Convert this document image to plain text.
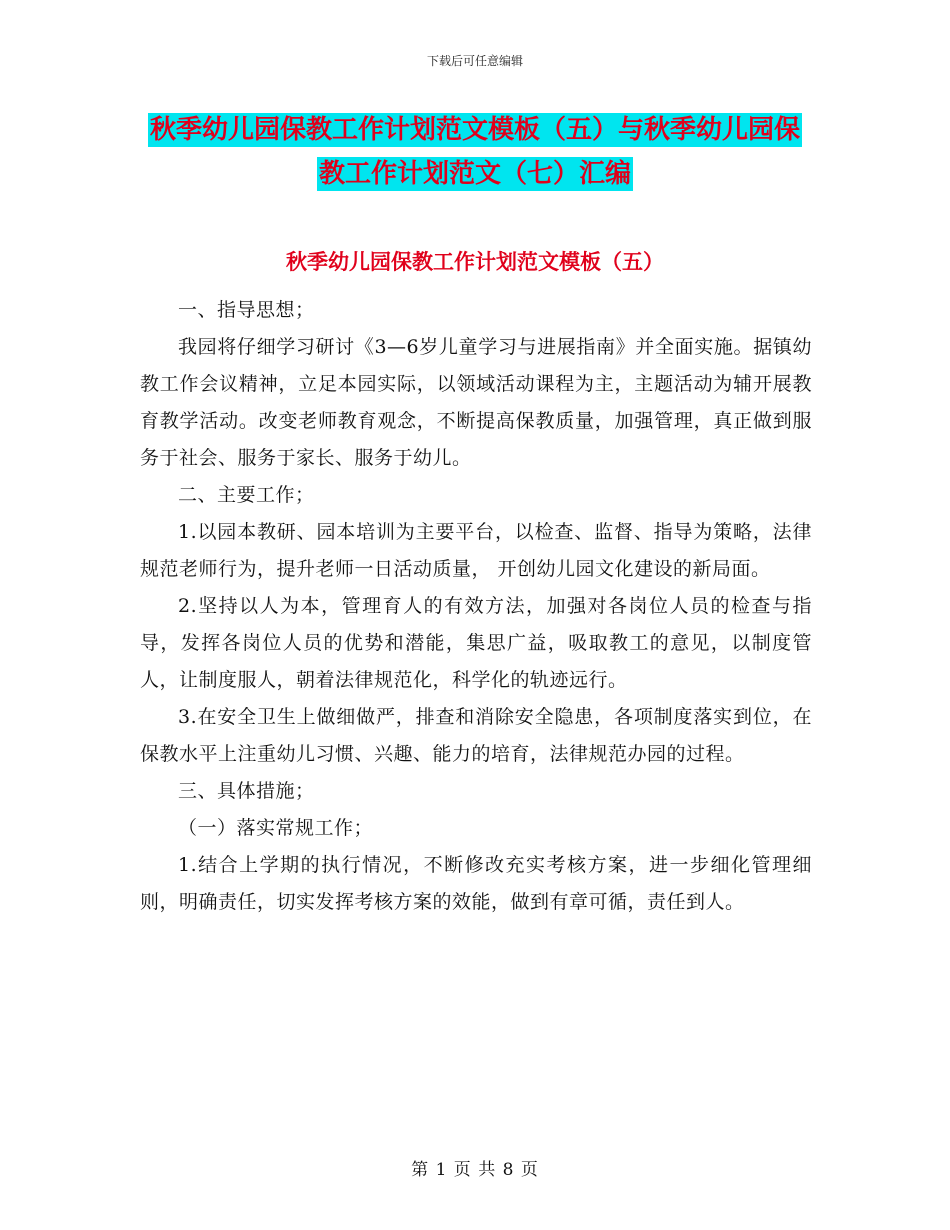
下载后可任意编辑
秋季幼儿园保教工作计划范文模板（五）与秋季幼儿园保教工作计划范文（七）汇编
秋季幼儿园保教工作计划范文模板（五）

一、指导思想；

我园将仔细学习研讨《3—6岁儿童学习与进展指南》并全面实施。据镇幼教工作会议精神，立足本园实际，以领域活动课程为主，主题活动为辅开展教育教学活动。改变老师教育观念，不断提高保教质量，加强管理，真正做到服务于社会、服务于家长、服务于幼儿。

二、主要工作；

1.以园本教研、园本培训为主要平台，以检查、监督、指导为策略，法律规范老师行为，提升老师一日活动质量， 开创幼儿园文化建设的新局面。

2.坚持以人为本，管理育人的有效方法，加强对各岗位人员的检查与指导，发挥各岗位人员的优势和潜能，集思广益，吸取教工的意见，以制度管人，让制度服人，朝着法律规范化，科学化的轨迹远行。

3.在安全卫生上做细做严，排查和消除安全隐患，各项制度落实到位，在保教水平上注重幼儿习惯、兴趣、能力的培育，法律规范办园的过程。

三、具体措施；

（一）落实常规工作；

1.结合上学期的执行情况，不断修改充实考核方案，进一步细化管理细则，明确责任，切实发挥考核方案的效能，做到有章可循，责任到人。

第 1 页 共 8 页
